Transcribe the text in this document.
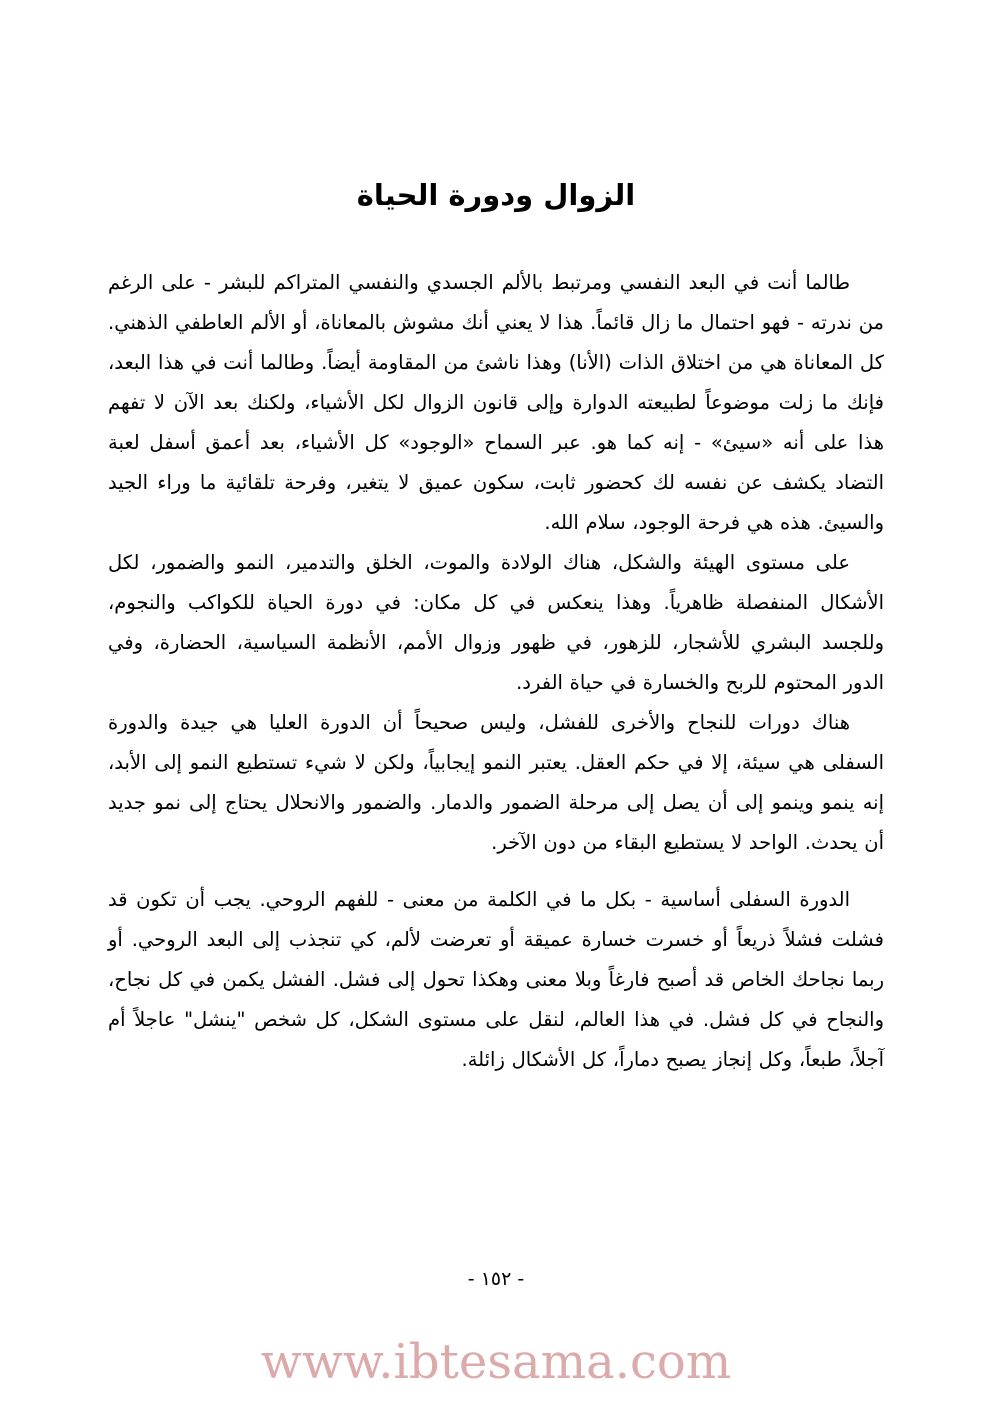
الزوال ودورة الحياة

طالما أنت في البعد النفسي ومرتبط بالألم الجسدي والنفسي المتراكم للبشر - على الرغم من ندرته - فهو احتمال ما زال قائماً. هذا لا يعني أنك مشوش بالمعاناة، أو الألم العاطفي الذهني. كل المعاناة هي من اختلاق الذات (الأنا) وهذا ناشئ من المقاومة أيضاً. وطالما أنت في هذا البعد، فإنك ما زلت موضوعاً لطبيعته الدوارة وإلى قانون الزوال لكل الأشياء، ولكنك بعد الآن لا تفهم هذا على أنه «سيئ» - إنه كما هو. عبر السماح «الوجود» كل الأشياء، بعد أعمق أسفل لعبة التضاد يكشف عن نفسه لك كحضور ثابت، سكون عميق لا يتغير، وفرحة تلقائية ما وراء الجيد والسيئ. هذه هي فرحة الوجود، سلام الله.

على مستوى الهيئة والشكل، هناك الولادة والموت، الخلق والتدمير، النمو والضمور، لكل الأشكال المنفصلة ظاهرياً. وهذا ينعكس في كل مكان: في دورة الحياة للكواكب والنجوم، وللجسد البشري للأشجار، للزهور، في ظهور وزوال الأمم، الأنظمة السياسية، الحضارة، وفي الدور المحتوم للربح والخسارة في حياة الفرد.

هناك دورات للنجاح والأخرى للفشل، وليس صحيحاً أن الدورة العليا هي جيدة والدورة السفلى هي سيئة، إلا في حكم العقل. يعتبر النمو إيجابياً، ولكن لا شيء تستطيع النمو إلى الأبد، إنه ينمو وينمو إلى أن يصل إلى مرحلة الضمور والدمار. والضمور والانحلال يحتاج إلى نمو جديد أن يحدث. الواحد لا يستطيع البقاء من دون الآخر.

الدورة السفلى أساسية - بكل ما في الكلمة من معنى - للفهم الروحي. يجب أن تكون قد فشلت فشلاً ذريعاً أو خسرت خسارة عميقة أو تعرضت لألم، كي تنجذب إلى البعد الروحي. أو ربما نجاحك الخاص قد أصبح فارغاً وبلا معنى وهكذا تحول إلى فشل. الفشل يكمن في كل نجاح، والنجاح في كل فشل. في هذا العالم، لنقل على مستوى الشكل، كل شخص "ينشل" عاجلاً أم آجلاً، طبعاً، وكل إنجاز يصبح دماراً، كل الأشكال زائلة.

- ١٥٢ -
www.ibtesama.com
